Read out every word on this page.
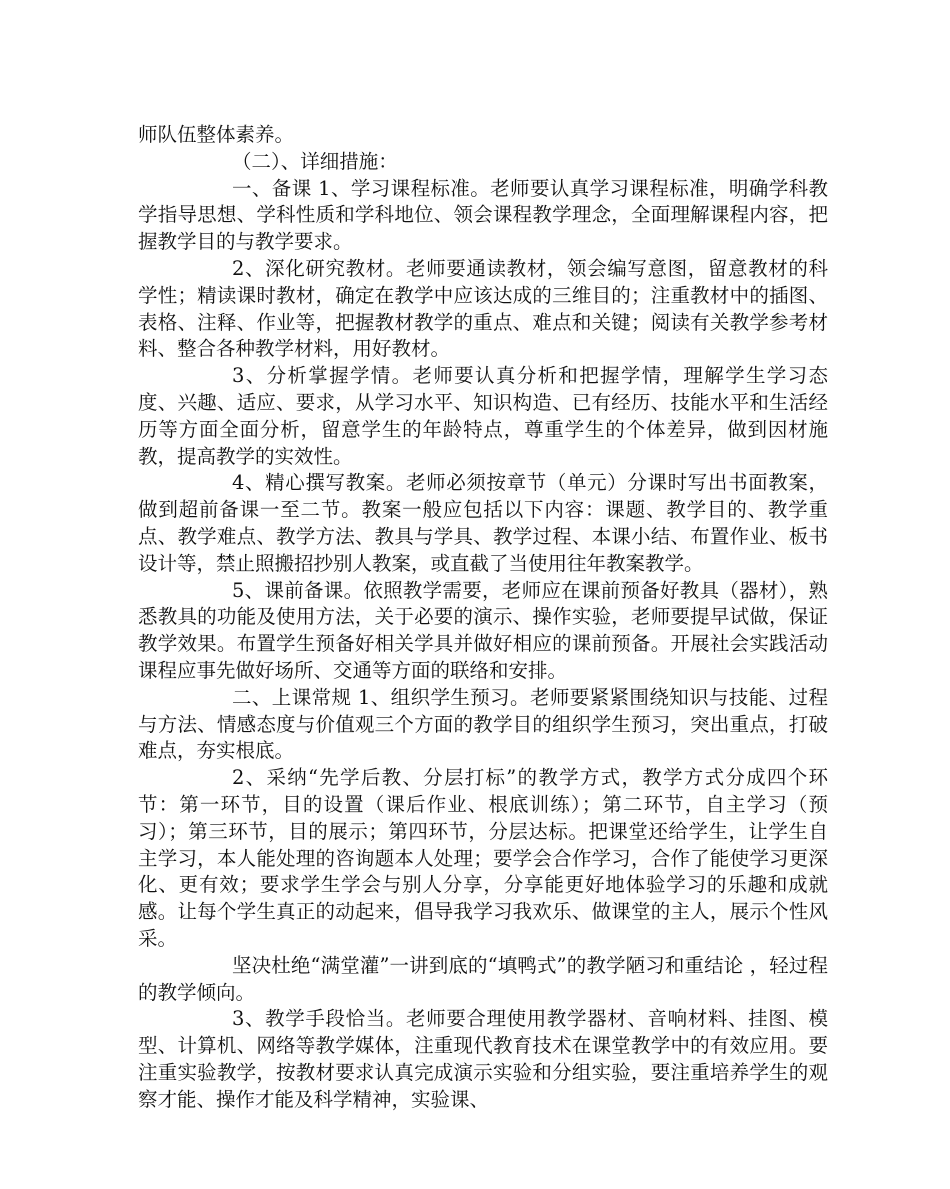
师队伍整体素养。

（二）、详细措施：

一、备课 1、学习课程标准。老师要认真学习课程标准，明确学科教学指导思想、学科性质和学科地位、领会课程教学理念，全面理解课程内容，把握教学目的与教学要求。

2、深化研究教材。老师要通读教材，领会编写意图，留意教材的科学性；精读课时教材，确定在教学中应该达成的三维目的；注重教材中的插图、表格、注释、作业等，把握教材教学的重点、难点和关键；阅读有关教学参考材料、整合各种教学材料，用好教材。

3、分析掌握学情。老师要认真分析和把握学情，理解学生学习态度、兴趣、适应、要求，从学习水平、知识构造、已有经历、技能水平和生活经历等方面全面分析，留意学生的年龄特点，尊重学生的个体差异，做到因材施教，提高教学的实效性。

4、精心撰写教案。老师必须按章节（单元）分课时写出书面教案，做到超前备课一至二节。教案一般应包括以下内容：课题、教学目的、教学重点、教学难点、教学方法、教具与学具、教学过程、本课小结、布置作业、板书设计等，禁止照搬招抄别人教案，或直截了当使用往年教案教学。

5、课前备课。依照教学需要，老师应在课前预备好教具（器材），熟悉教具的功能及使用方法，关于必要的演示、操作实验，老师要提早试做，保证教学效果。布置学生预备好相关学具并做好相应的课前预备。开展社会实践活动课程应事先做好场所、交通等方面的联络和安排。

二、上课常规 1、组织学生预习。老师要紧紧围绕知识与技能、过程与方法、情感态度与价值观三个方面的教学目的组织学生预习，突出重点，打破难点，夯实根底。

2、采纳“先学后教、分层打标”的教学方式，教学方式分成四个环节：第一环节，目的设置（课后作业、根底训练）；第二环节，自主学习（预习）；第三环节，目的展示；第四环节，分层达标。把课堂还给学生，让学生自主学习，本人能处理的咨询题本人处理；要学会合作学习，合作了能使学习更深化、更有效；要求学生学会与别人分享，分享能更好地体验学习的乐趣和成就感。让每个学生真正的动起来，倡导我学习我欢乐、做课堂的主人，展示个性风采。

坚决杜绝“满堂灌”一讲到底的“填鸭式”的教学陋习和重结论 ，轻过程的教学倾向。

3、教学手段恰当。老师要合理使用教学器材、音响材料、挂图、模型、计算机、网络等教学媒体，注重现代教育技术在课堂教学中的有效应用。要注重实验教学，按教材要求认真完成演示实验和分组实验，要注重培养学生的观察才能、操作才能及科学精神，实验课、
